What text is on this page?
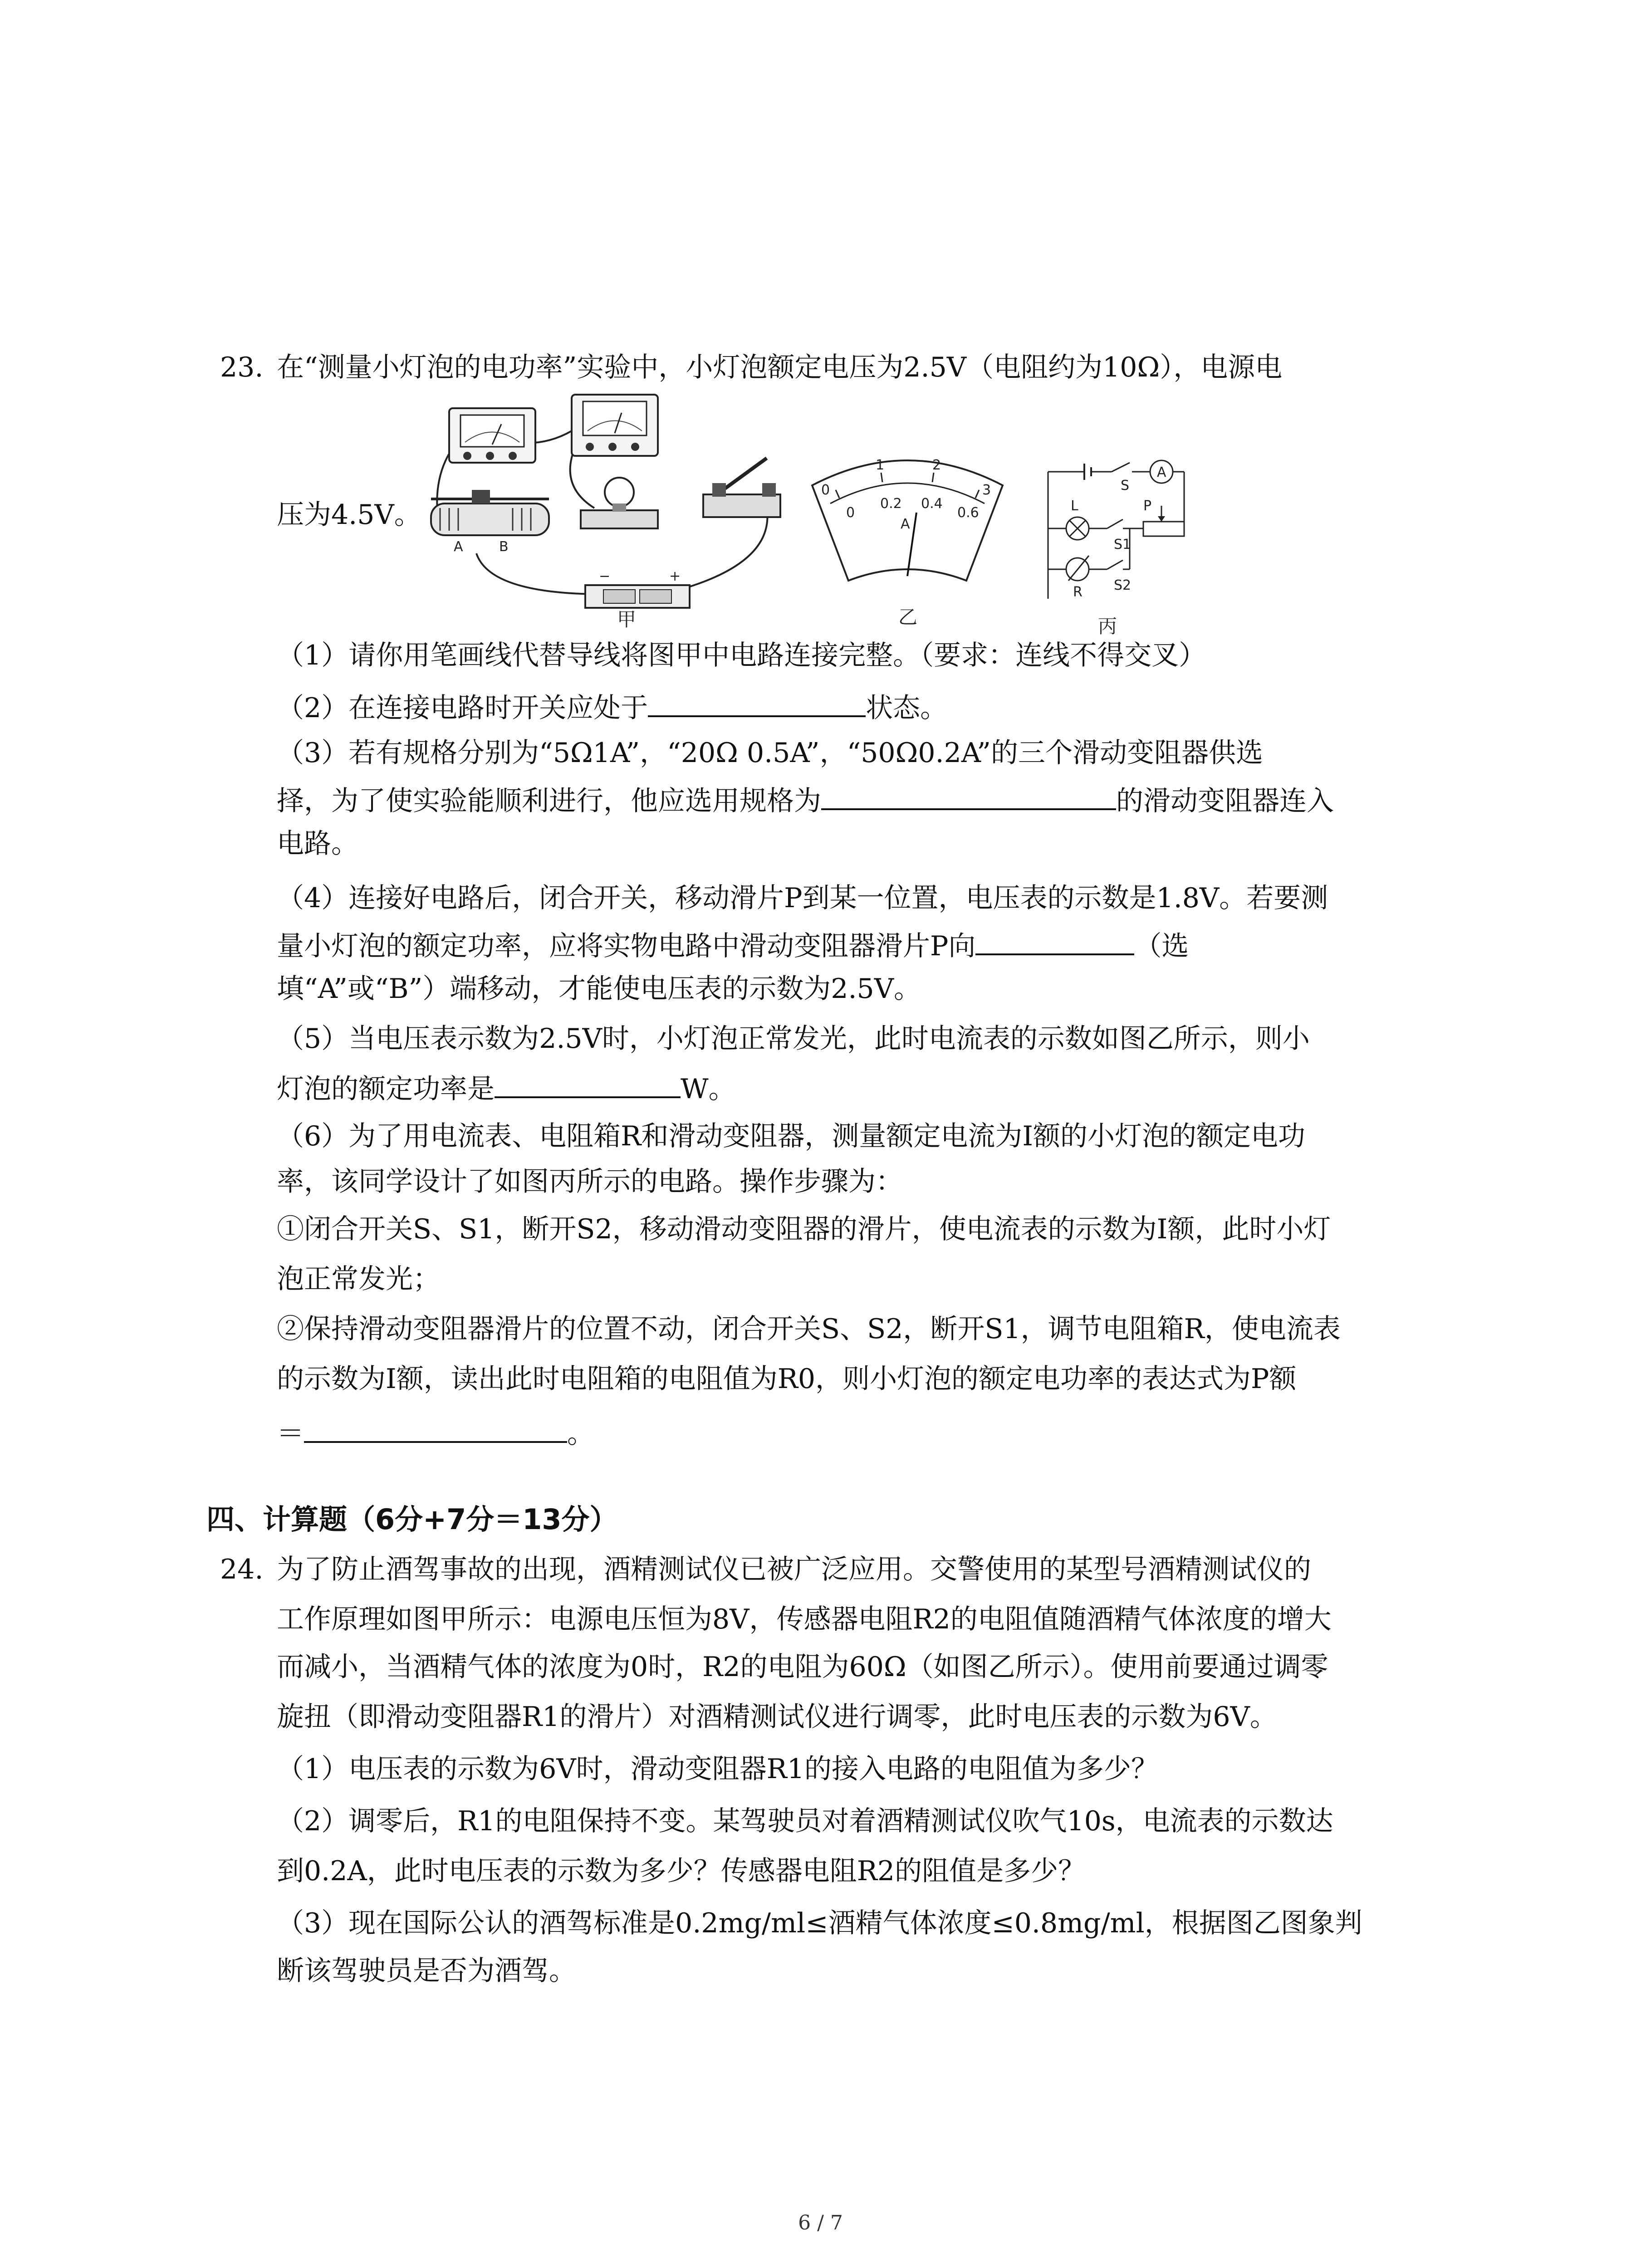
23. 在“测量小灯泡的电功率”实验中，小灯泡额定电压为2.5V（电阻约为10Ω），电源电
压为4.5V。
A	B
−	+
甲
0
1	2
3
0
0.2 0.4
0.6
A
乙
A
S
L
S1
P
R S2
丙
（1）请你用笔画线代替导线将图甲中电路连接完整。（要求：连线不得交叉）
（2）在连接电路时开关应处于	状态。
（3）若有规格分别为“5Ω1A”，“20Ω 0.5A”，“50Ω0.2A”的三个滑动变阻器供选
择，为了使实验能顺利进行，他应选用规格为	的滑动变阻器连入
电路。
（4）连接好电路后，闭合开关，移动滑片P到某一位置，电压表的示数是1.8V。若要测
量小灯泡的额定功率，应将实物电路中滑动变阻器滑片P向	（选
填“A”或“B”）端移动，才能使电压表的示数为2.5V。
（5）当电压表示数为2.5V时，小灯泡正常发光，此时电流表的示数如图乙所示，则小
灯泡的额定功率是	W。
（6）为了用电流表、电阻箱R和滑动变阻器，测量额定电流为I额的小灯泡的额定电功
率，该同学设计了如图丙所示的电路。操作步骤为：
①闭合开关S、S1，断开S2，移动滑动变阻器的滑片，使电流表的示数为I额，此时小灯
泡正常发光；
②保持滑动变阻器滑片的位置不动，闭合开关S、S2，断开S1，调节电阻箱R，使电流表
的示数为I额，读出此时电阻箱的电阻值为R0，则小灯泡的额定电功率的表达式为P额
＝	。
四、计算题（6分+7分＝13分）
24. 为了防止酒驾事故的出现，酒精测试仪已被广泛应用。交警使用的某型号酒精测试仪的
工作原理如图甲所示：电源电压恒为8V，传感器电阻R2的电阻值随酒精气体浓度的增大
而减小，当酒精气体的浓度为0时，R2的电阻为60Ω（如图乙所示）。使用前要通过调零
旋扭（即滑动变阻器R1的滑片）对酒精测试仪进行调零，此时电压表的示数为6V。
（1）电压表的示数为6V时，滑动变阻器R1的接入电路的电阻值为多少？
（2）调零后，R1的电阻保持不变。某驾驶员对着酒精测试仪吹气10s，电流表的示数达
到0.2A，此时电压表的示数为多少？传感器电阻R2的阻值是多少？
（3）现在国际公认的酒驾标准是0.2mg/ml≤酒精气体浓度≤0.8mg/ml，根据图乙图象判
断该驾驶员是否为酒驾。
6 / 7
